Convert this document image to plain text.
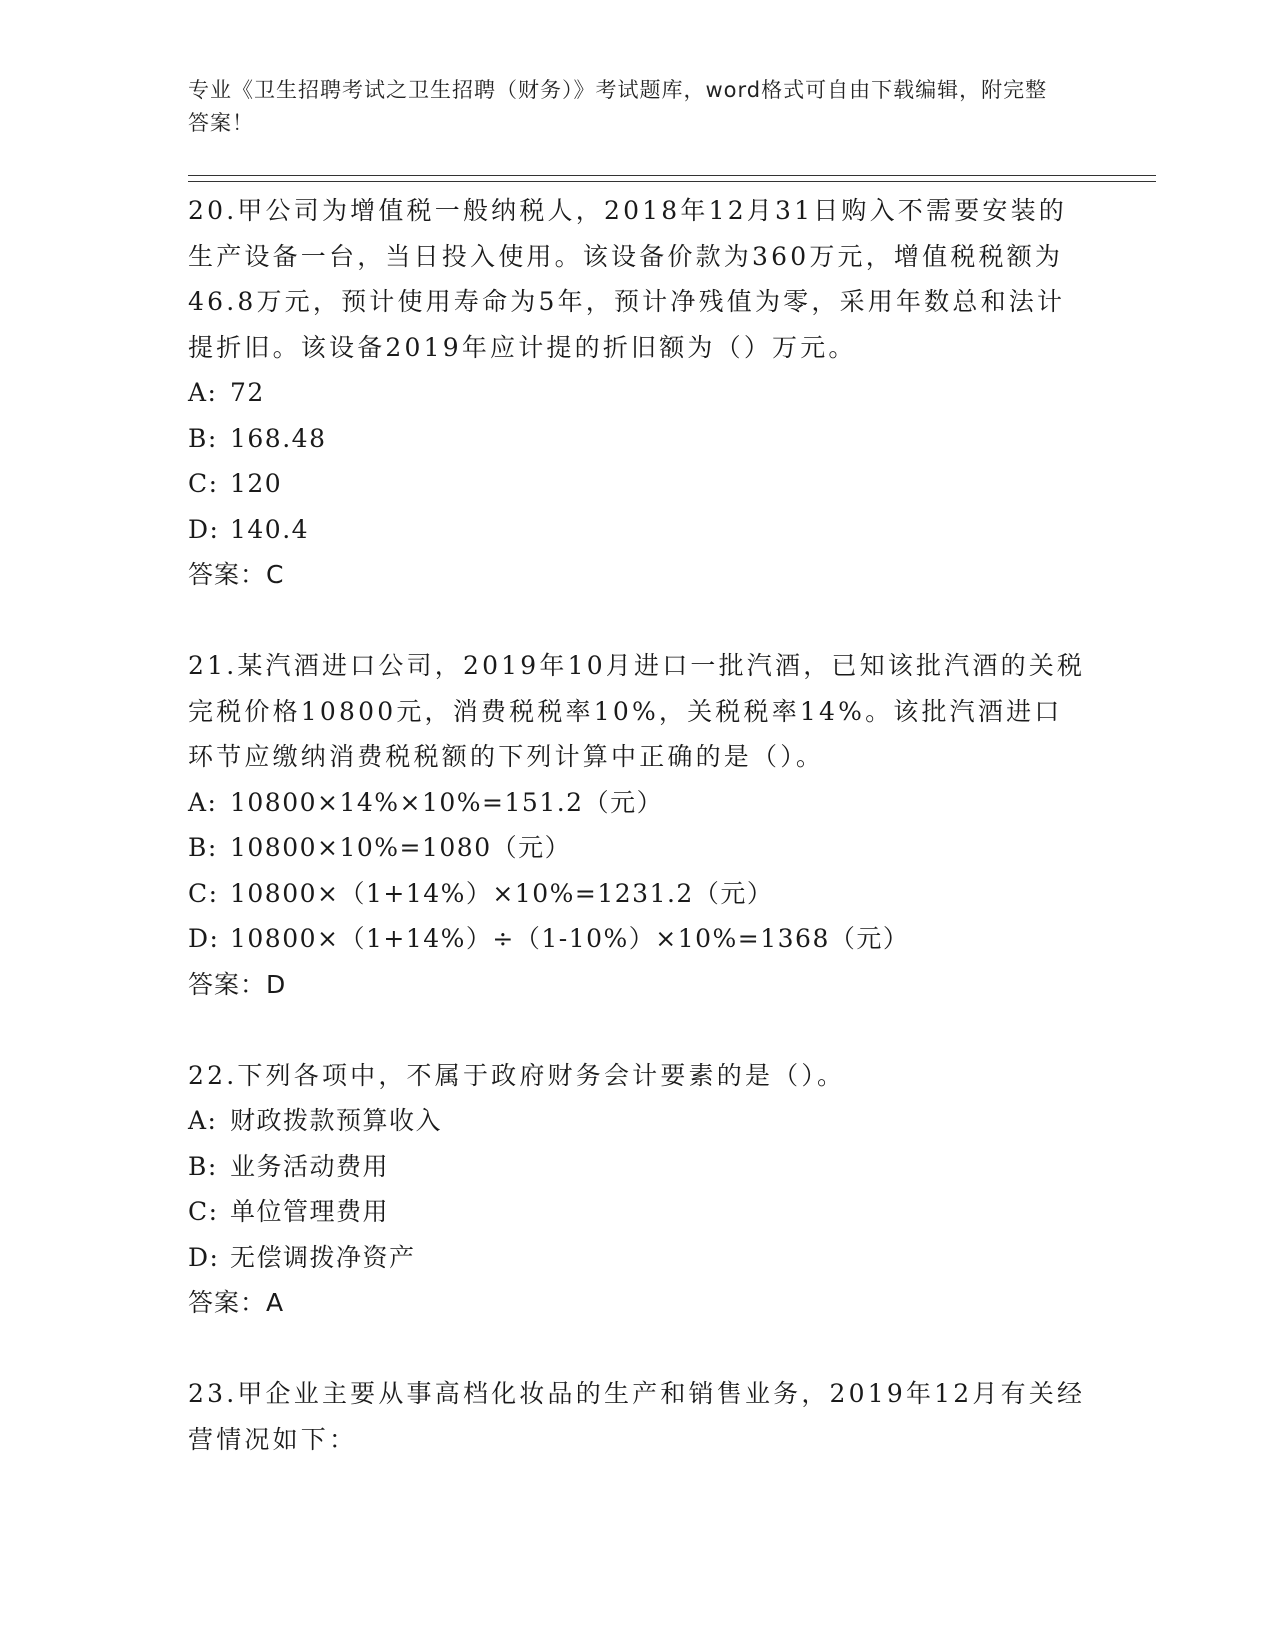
专业《卫生招聘考试之卫生招聘（财务）》考试题库，word格式可自由下载编辑，附完整答案！

20.甲公司为增值税一般纳税人，2018年12月31日购入不需要安装的生产设备一台，当日投入使用。该设备价款为360万元，增值税税额为46.8万元，预计使用寿命为5年，预计净残值为零，采用年数总和法计提折旧。该设备2019年应计提的折旧额为（）万元。

A: 72

B: 168.48

C: 120

D: 140.4

答案：C

21.某汽酒进口公司，2019年10月进口一批汽酒，已知该批汽酒的关税完税价格10800元，消费税税率10%，关税税率14%。该批汽酒进口环节应缴纳消费税税额的下列计算中正确的是（）。

A: 10800×14%×10%=151.2（元）

B: 10800×10%=1080（元）

C: 10800×（1+14%）×10%=1231.2（元）

D: 10800×（1+14%）÷（1-10%）×10%=1368（元）

答案：D

22.下列各项中，不属于政府财务会计要素的是（）。

A: 财政拨款预算收入

B: 业务活动费用

C: 单位管理费用

D: 无偿调拨净资产

答案：A

23.甲企业主要从事高档化妆品的生产和销售业务，2019年12月有关经营情况如下：
